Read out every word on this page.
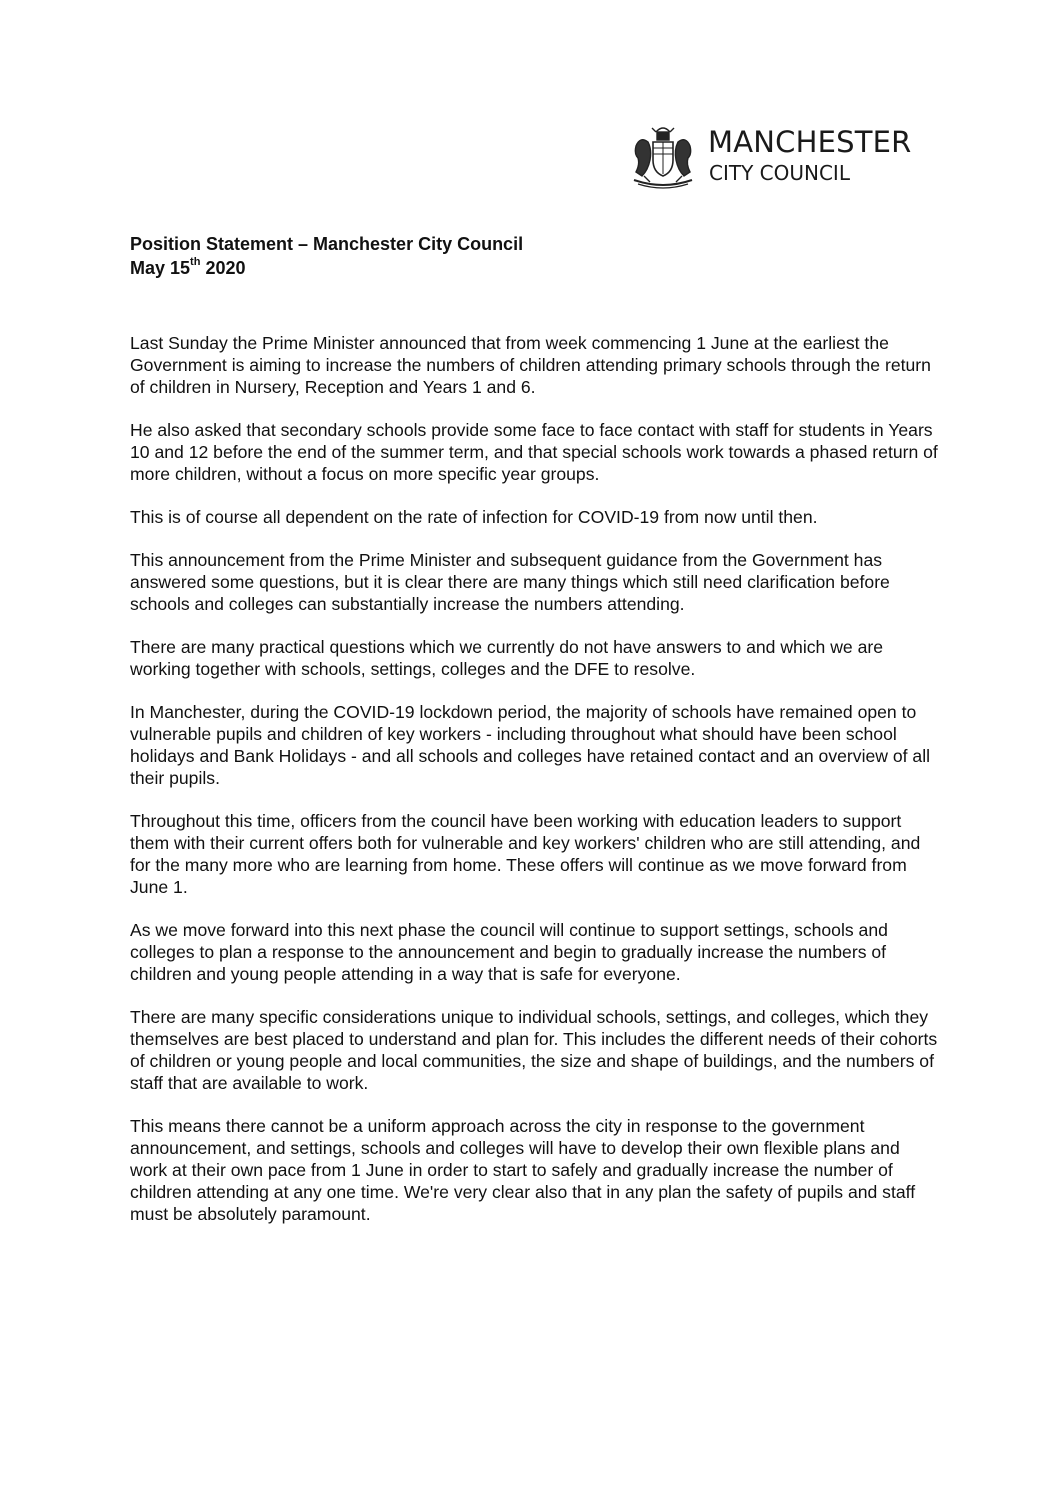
MANCHESTER
CITY COUNCIL
Position Statement – Manchester City Council
May 15th 2020

Last Sunday the Prime Minister announced that from week commencing 1 June at the earliest the Government is aiming to increase the numbers of children attending primary schools through the return of children in Nursery, Reception and Years 1 and 6.

He also asked that secondary schools provide some face to face contact with staff for students in Years 10 and 12 before the end of the summer term, and that special schools work towards a phased return of more children, without a focus on more specific year groups.

This is of course all dependent on the rate of infection for COVID-19 from now until then.

This announcement from the Prime Minister and subsequent guidance from the Government has answered some questions, but it is clear there are many things which still need clarification before schools and colleges can substantially increase the numbers attending.

There are many practical questions which we currently do not have answers to and which we are working together with schools, settings, colleges and the DFE to resolve.

In Manchester, during the COVID-19 lockdown period, the majority of schools have remained open to vulnerable pupils and children of key workers - including throughout what should have been school holidays and Bank Holidays - and all schools and colleges have retained contact and an overview of all their pupils.

Throughout this time, officers from the council have been working with education leaders to support them with their current offers both for vulnerable and key workers' children who are still attending, and for the many more who are learning from home. These offers will continue as we move forward from June 1.

As we move forward into this next phase the council will continue to support settings, schools and colleges to plan a response to the announcement and begin to gradually increase the numbers of children and young people attending in a way that is safe for everyone.

There are many specific considerations unique to individual schools, settings, and colleges, which they themselves are best placed to understand and plan for. This includes the different needs of their cohorts of children or young people and local communities, the size and shape of buildings, and the numbers of staff that are available to work.

This means there cannot be a uniform approach across the city in response to the government announcement, and settings, schools and colleges will have to develop their own flexible plans and work at their own pace from 1 June in order to start to safely and gradually increase the number of children attending at any one time. We're very clear also that in any plan the safety of pupils and staff must be absolutely paramount.
